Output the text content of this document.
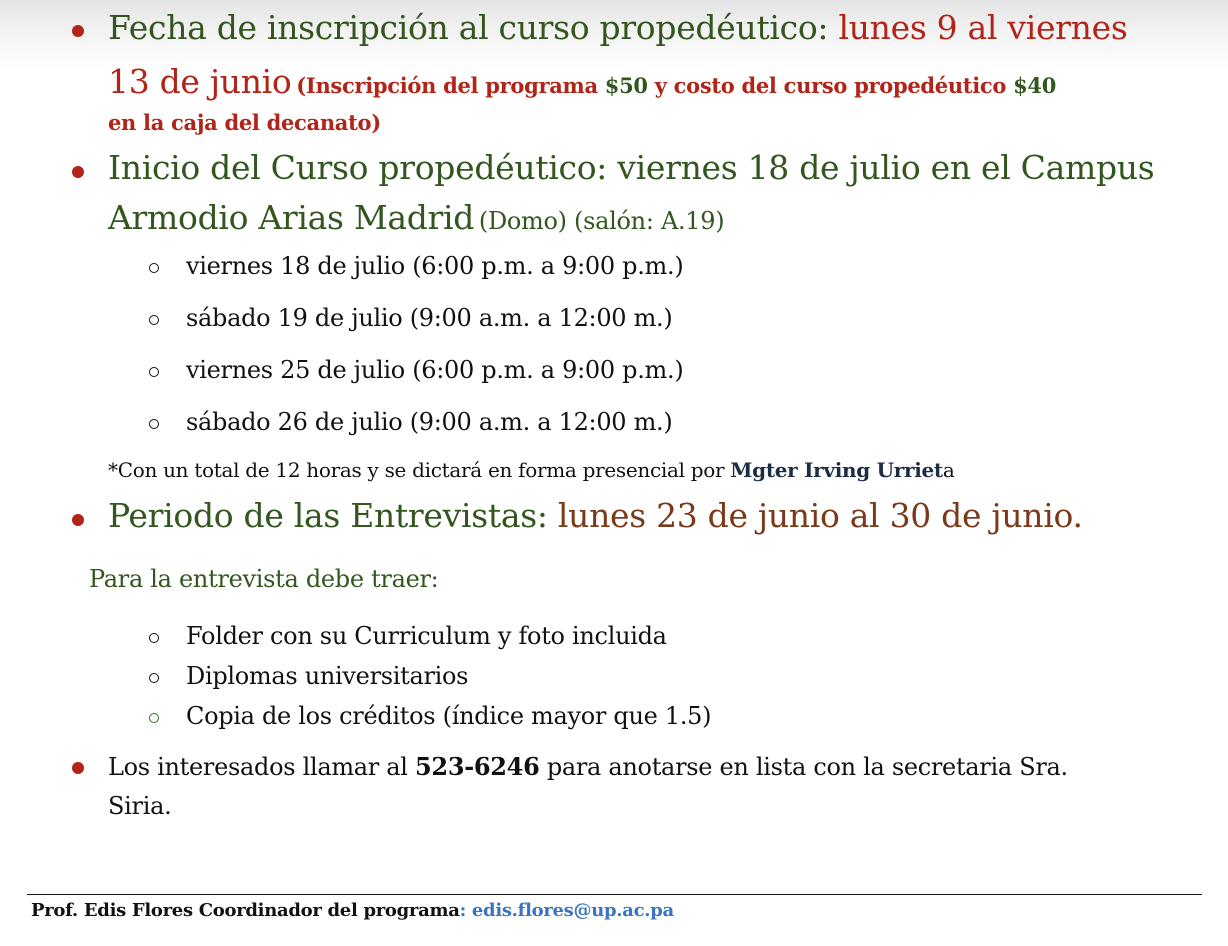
Fecha de inscripción al curso propedéutico: lunes 9 al viernes
13 de junio (Inscripción del programa $50 y costo del curso propedéutico $40
en la caja del decanato)
Inicio del Curso propedéutico: viernes 18 de julio en el Campus
Armodio Arias Madrid (Domo) (salón: A.19)
viernes 18 de julio (6:00 p.m. a 9:00 p.m.)
sábado 19 de julio (9:00 a.m. a 12:00 m.)
viernes 25 de julio (6:00 p.m. a 9:00 p.m.)
sábado 26 de julio (9:00 a.m. a 12:00 m.)
*Con un total de 12 horas y se dictará en forma presencial por Mgter Irving Urrieta
Periodo de las Entrevistas: lunes 23 de junio al 30 de junio.
Para la entrevista debe traer:
Folder con su Curriculum y foto incluida
Diplomas universitarios
Copia de los créditos (índice mayor que 1.5)
Los interesados llamar al 523-6246 para anotarse en lista con la secretaria Sra.
Siria.
Prof. Edis Flores Coordinador del programa: edis.flores@up.ac.pa
